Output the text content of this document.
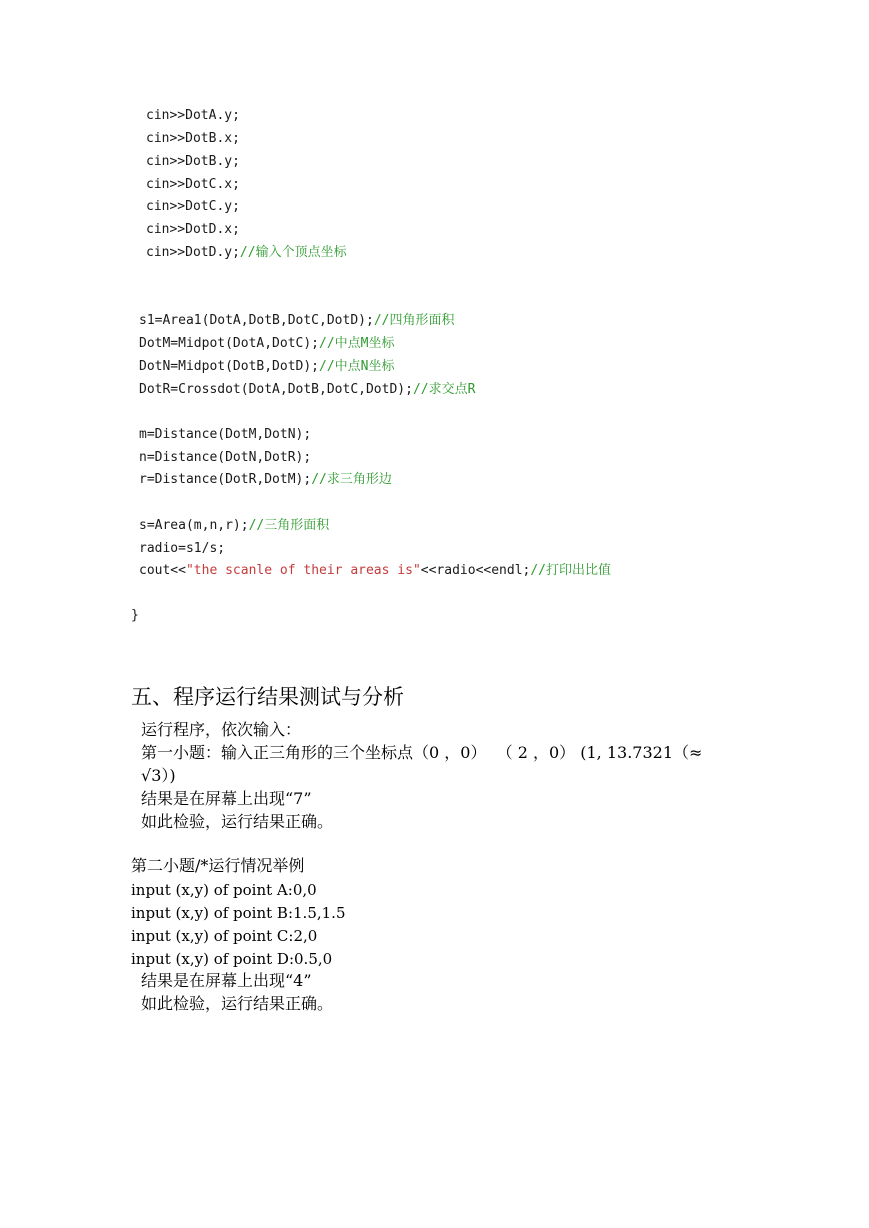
cin>>DotA.y;
cin>>DotB.x;
cin>>DotB.y;
cin>>DotC.x;
cin>>DotC.y;
cin>>DotD.x;
cin>>DotD.y;//输入个顶点坐标
s1=Area1(DotA,DotB,DotC,DotD);//四角形面积
DotM=Midpot(DotA,DotC);//中点M坐标
DotN=Midpot(DotB,DotD);//中点N坐标
DotR=Crossdot(DotA,DotB,DotC,DotD);//求交点R
m=Distance(DotM,DotN);
n=Distance(DotN,DotR);
r=Distance(DotR,DotM);//求三角形边
s=Area(m,n,r);//三角形面积
radio=s1/s;
cout<<"the scanle of their areas is"<<radio<<endl;//打印出比值
}
五、程序运行结果测试与分析
运行程序，依次输入：
第一小题：输入正三角形的三个坐标点（0 ，0）  （ 2 ，0） (1, 13.7321（≈
√3）)
结果是在屏幕上出现“7”
如此检验，运行结果正确。
第二小题/*运行情况举例
input (x,y) of point A:0,0
input (x,y) of point B:1.5,1.5
input (x,y) of point C:2,0
input (x,y) of point D:0.5,0
结果是在屏幕上出现“4”
如此检验，运行结果正确。
